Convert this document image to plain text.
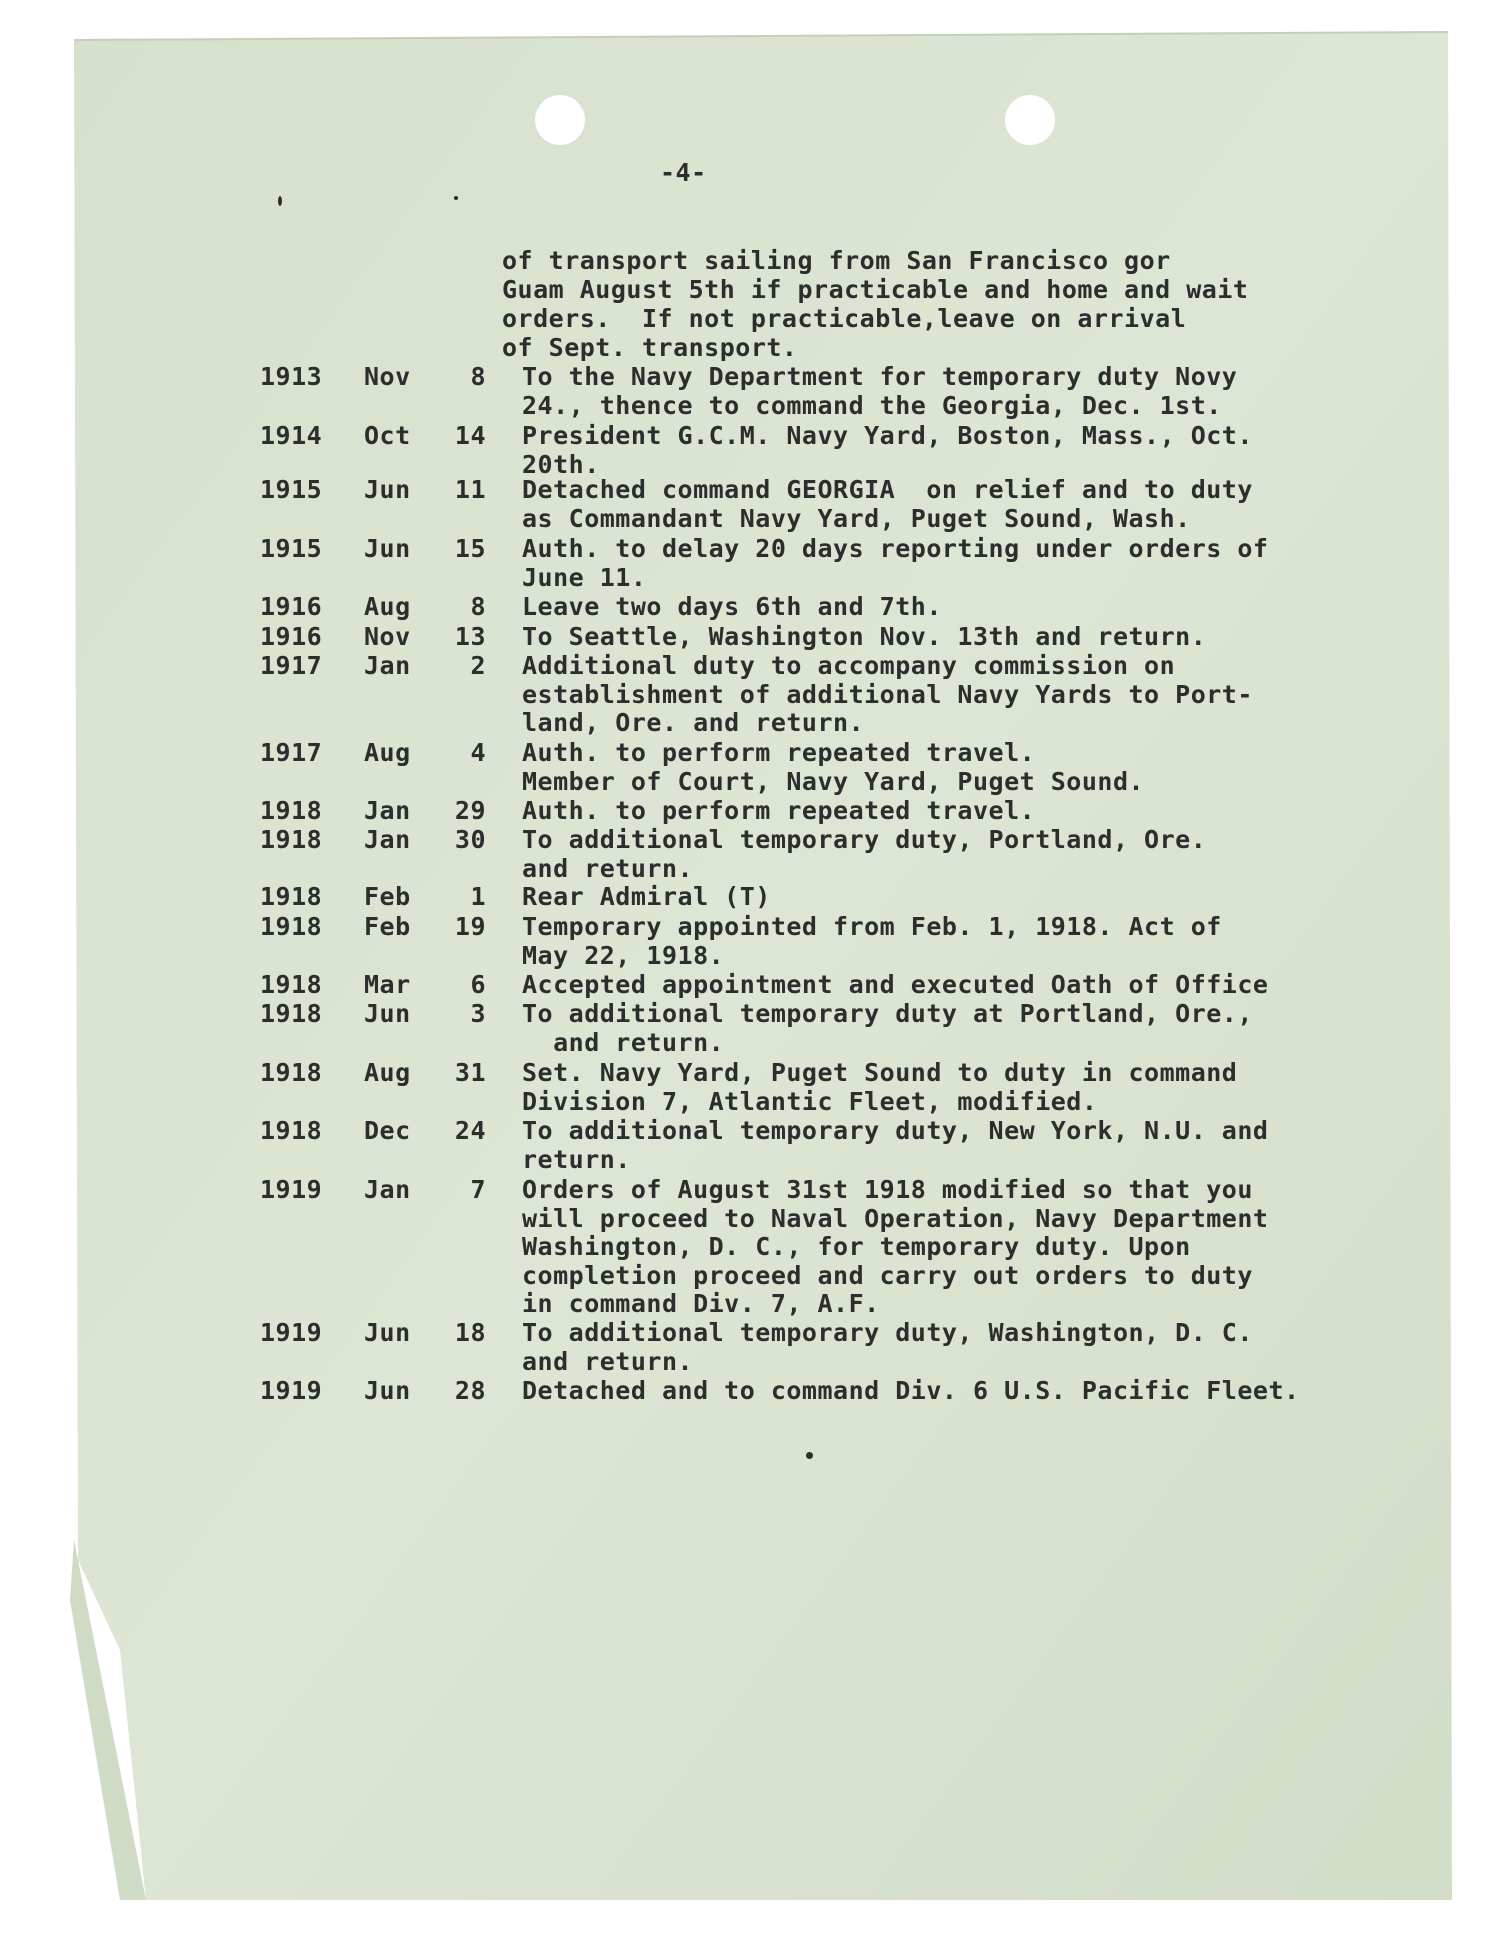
-4-

of transport sailing from San Francisco gor

Guam August 5th if practicable and home and wait

orders.  If not practicable,leave on arrival

of Sept. transport.

1913 Nov	8 To the Navy Department for temporary duty Novy

24., thence to command the Georgia, Dec. 1st.

1914 Oct 14 President G.C.M. Navy Yard, Boston, Mass., Oct.

20th.

1915 Jun 11 Detached command GEORGIA  on relief and to duty

as Commandant Navy Yard, Puget Sound, Wash.

1915 Jun 15 Auth. to delay 20 days reporting under orders of

June 11.

1916 Aug	8 Leave two days 6th and 7th.

1916 Nov 13 To Seattle, Washington Nov. 13th and return.

1917 Jan	2 Additional duty to accompany commission on

establishment of additional Navy Yards to Port-

land, Ore. and return.

1917 Aug	4 Auth. to perform repeated travel.

Member of Court, Navy Yard, Puget Sound.

1918 Jan 29 Auth. to perform repeated travel.

1918 Jan 30 To additional temporary duty, Portland, Ore.

and return.

1918 Feb	1 Rear Admiral (T)

1918 Feb 19 Temporary appointed from Feb. 1, 1918. Act of

May 22, 1918.

1918 Mar	6 Accepted appointment and executed Oath of Office

1918 Jun	3 To additional temporary duty at Portland, Ore.,

and return.

1918 Aug 31 Set. Navy Yard, Puget Sound to duty in command

Division 7, Atlantic Fleet, modified.

1918 Dec 24 To additional temporary duty, New York, N.U. and

return.

1919 Jan	7 Orders of August 31st 1918 modified so that you

will proceed to Naval Operation, Navy Department

Washington, D. C., for temporary duty. Upon

completion proceed and carry out orders to duty

in command Div. 7, A.F.

1919 Jun 18 To additional temporary duty, Washington, D. C.

and return.

1919 Jun 28 Detached and to command Div. 6 U.S. Pacific Fleet.
